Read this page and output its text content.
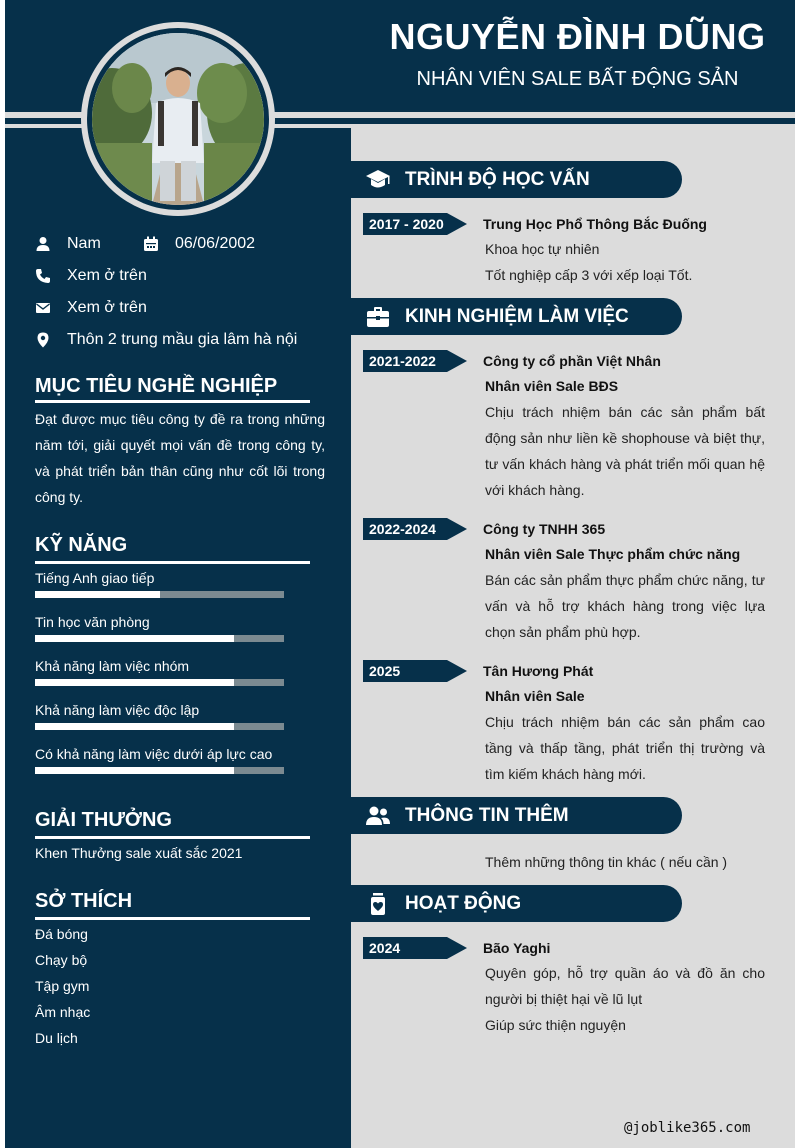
NGUYỄN ĐÌNH DŨNG
NHÂN VIÊN SALE BẤT ĐỘNG SẢN
Nam	06/06/2002
Xem ở trên
Xem ở trên
Thôn 2 trung mầu gia lâm hà nội
MỤC TIÊU NGHỀ NGHIỆP
Đạt được mục tiêu công ty đề ra trong những năm tới, giải quyết mọi vấn đề trong công ty, và phát triển bản thân cũng như cốt lõi trong công ty.
KỸ NĂNG
Tiếng Anh giao tiếp
Tin học văn phòng
Khả năng làm việc nhóm
Khả năng làm việc độc lập
Có khả năng làm việc dưới áp lực cao
GIẢI THƯỞNG
Khen Thưởng sale xuất sắc 2021
SỞ THÍCH
Đá bóng
Chạy bộ
Tập gym
Âm nhạc
Du lịch
TRÌNH ĐỘ HỌC VẤN
2017 - 2020	Trung Học Phổ Thông Bắc Đuống
Khoa học tự nhiên
Tốt nghiệp cấp 3 với xếp loại Tốt.
KINH NGHIỆM LÀM VIỆC
2021-2022	Công ty cổ phần Việt Nhân
Nhân viên Sale BĐS
Chịu trách nhiệm bán các sản phẩm bất động sản như liền kề shophouse và biệt thự, tư vấn khách hàng và phát triển mối quan hệ với khách hàng.
2022-2024	Công ty TNHH 365
Nhân viên Sale Thực phẩm chức năng
Bán các sản phẩm thực phẩm chức năng, tư vấn và hỗ trợ khách hàng trong việc lựa chọn sản phẩm phù hợp.
2025	Tân Hương Phát
Nhân viên Sale
Chịu trách nhiệm bán các sản phẩm cao tầng và thấp tầng, phát triển thị trường và tìm kiếm khách hàng mới.
THÔNG TIN THÊM
Thêm những thông tin khác ( nếu cần )
HOẠT ĐỘNG
2024	Bão Yaghi
Quyên góp, hỗ trợ quần áo và đồ ăn cho người bị thiệt hại về lũ lụt
Giúp sức thiện nguyện
@joblike365.com
